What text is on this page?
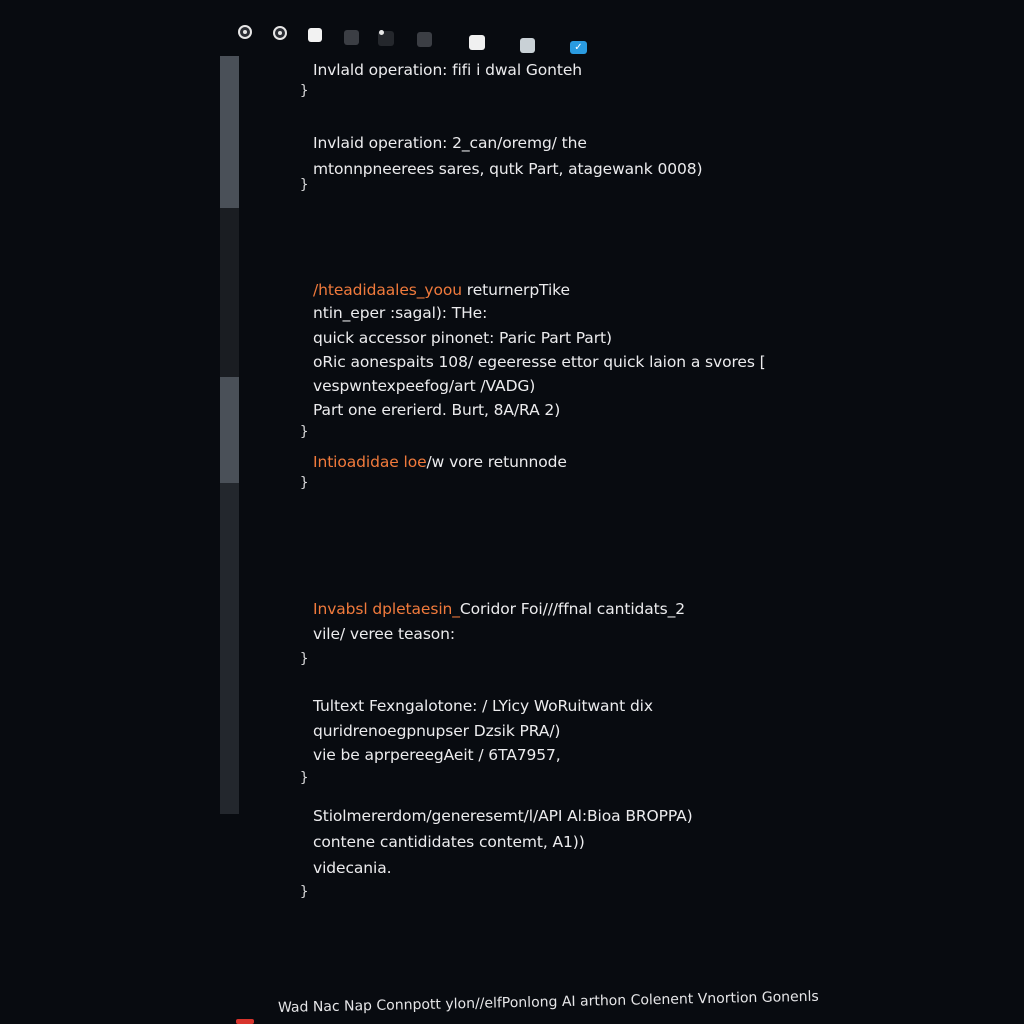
✓
Invlald operation: fifi i dwal Gonteh
}
Invlaid operation: 2_can/oremg/ the
mtonnpneerees sares, qutk Part, atagewank 0008)
}
/hteadidaales_yoou returnerpTike
ntin_eper :sagal): THe:
quick accessor pinonet: Paric Part Part)
oRic aonespaits 108/ egeeresse ettor quick laion a svores [
vespwntexpeefog/art /VADG)
Part one ererierd. Burt, 8A/RA 2)
}
Intioadidae loe/w vore retunnode
}
Invabsl dpletaesin_Coridor Foi///ffnal cantidats_2
vile/ veree teason:
}
Tultext Fexngalotone: / LYicy WoRuitwant dix
quridrenoegpnupser Dzsik PRA/)
vie be aprpereegAeit / 6TA7957,
}
Stiolmererdom/generesemt/l/API Al:Bioa BROPPA)
contene cantididates contemt, A1))
videcania.
}
Wad Nac Nap Connpott ylon//elfPonlong AI arthon Colenent Vnortion Gonenls
